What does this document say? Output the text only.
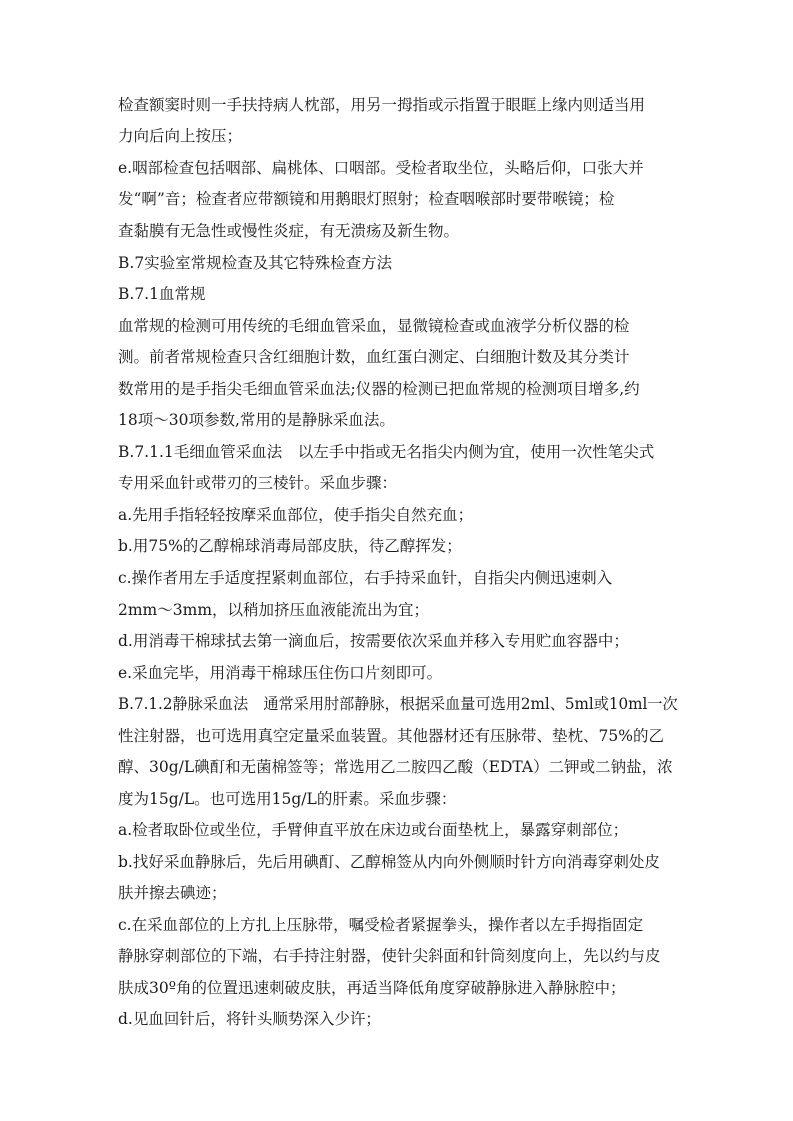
检查额窦时则一手扶持病人枕部，用另一拇指或示指置于眼眶上缘内则适当用
力向后向上按压；
e.咽部检查包括咽部、扁桃体、口咽部。受检者取坐位，头略后仰，口张大并
发“啊”音；检查者应带额镜和用鹅眼灯照射；检查咽喉部时要带喉镜；检
查黏膜有无急性或慢性炎症，有无溃疡及新生物。
B.7实验室常规检查及其它特殊检查方法
B.7.1血常规
血常规的检测可用传统的毛细血管采血，显微镜检查或血液学分析仪器的检
测。前者常规检查只含红细胞计数，血红蛋白测定、白细胞计数及其分类计
数常用的是手指尖毛细血管采血法;仪器的检测已把血常规的检测项目增多,约
18项～30项参数,常用的是静脉采血法。
B.7.1.1毛细血管采血法　以左手中指或无名指尖内侧为宜，使用一次性笔尖式
专用采血针或带刃的三棱针。采血步骤：
a.先用手指轻轻按摩采血部位，使手指尖自然充血；
b.用75%的乙醇棉球消毒局部皮肤，待乙醇挥发；
c.操作者用左手适度捏紧刺血部位，右手持采血针，自指尖内侧迅速刺入
2mm～3mm，以稍加挤压血液能流出为宜；
d.用消毒干棉球拭去第一滴血后，按需要依次采血并移入专用贮血容器中；
e.采血完毕，用消毒干棉球压住伤口片刻即可。
B.7.1.2静脉采血法　通常采用肘部静脉，根据采血量可选用2ml、5ml或10ml一次
性注射器，也可选用真空定量采血装置。其他器材还有压脉带、垫枕、75%的乙
醇、30g/L碘酊和无菌棉签等；常选用乙二胺四乙酸（EDTA）二钾或二钠盐，浓
度为15g/L。也可选用15g/L的肝素。采血步骤：
a.检者取卧位或坐位，手臂伸直平放在床边或台面垫枕上，暴露穿刺部位；
b.找好采血静脉后，先后用碘酊、乙醇棉签从内向外侧顺时针方向消毒穿刺处皮
肤并擦去碘迹；
c.在采血部位的上方扎上压脉带，嘱受检者紧握拳头，操作者以左手拇指固定
静脉穿刺部位的下端，右手持注射器，使针尖斜面和针筒刻度向上，先以约与皮
肤成30º角的位置迅速刺破皮肤，再适当降低角度穿破静脉进入静脉腔中；
d.见血回针后，将针头顺势深入少许；
